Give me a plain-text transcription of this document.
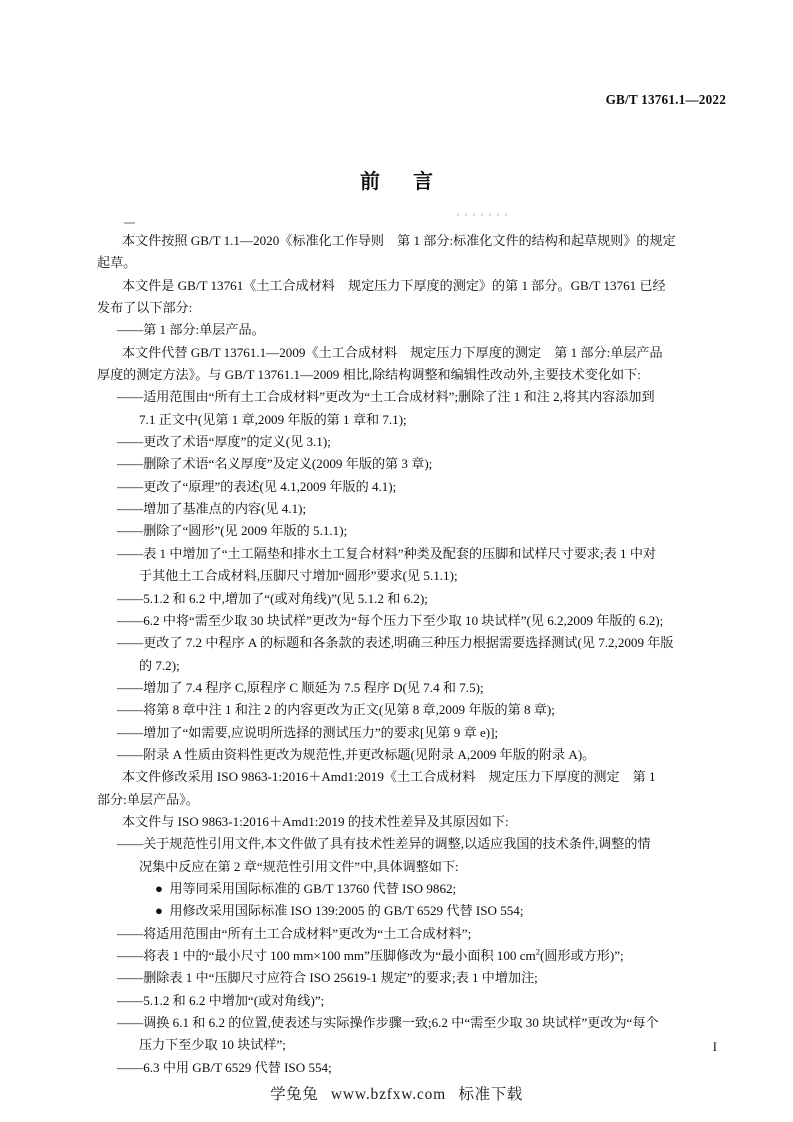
GB/T 13761.1—2022
前 言
本文件按照 GB/T 1.1—2020《标准化工作导则　第 1 部分:标准化文件的结构和起草规则》的规定
起草。
本文件是 GB/T 13761《土工合成材料　规定压力下厚度的测定》的第 1 部分。GB/T 13761 已经
发布了以下部分:
——第 1 部分:单层产品。
本文件代替 GB/T 13761.1—2009《土工合成材料　规定压力下厚度的测定　第 1 部分:单层产品
厚度的测定方法》。与 GB/T 13761.1—2009 相比,除结构调整和编辑性改动外,主要技术变化如下:
——适用范围由“所有土工合成材料”更改为“土工合成材料”;删除了注 1 和注 2,将其内容添加到
7.1 正文中(见第 1 章,2009 年版的第 1 章和 7.1);
——更改了术语“厚度”的定义(见 3.1);
——删除了术语“名义厚度”及定义(2009 年版的第 3 章);
——更改了“原理”的表述(见 4.1,2009 年版的 4.1);
——增加了基准点的内容(见 4.1);
——删除了“圆形”(见 2009 年版的 5.1.1);
——表 1 中增加了“土工隔垫和排水土工复合材料”种类及配套的压脚和试样尺寸要求;表 1 中对
于其他土工合成材料,压脚尺寸增加“圆形”要求(见 5.1.1);
——5.1.2 和 6.2 中,增加了“(或对角线)”(见 5.1.2 和 6.2);
——6.2 中将“需至少取 30 块试样”更改为“每个压力下至少取 10 块试样”(见 6.2,2009 年版的 6.2);
——更改了 7.2 中程序 A 的标题和各条款的表述,明确三种压力根据需要选择测试(见 7.2,2009 年版
的 7.2);
——增加了 7.4 程序 C,原程序 C 顺延为 7.5 程序 D(见 7.4 和 7.5);
——将第 8 章中注 1 和注 2 的内容更改为正文(见第 8 章,2009 年版的第 8 章);
——增加了“如需要,应说明所选择的测试压力”的要求[见第 9 章 e)];
——附录 A 性质由资料性更改为规范性,并更改标题(见附录 A,2009 年版的附录 A)。
本文件修改采用 ISO 9863-1:2016＋Amd1:2019《土工合成材料　规定压力下厚度的测定　第 1
部分:单层产品》。
本文件与 ISO 9863-1:2016＋Amd1:2019 的技术性差异及其原因如下:
——关于规范性引用文件,本文件做了具有技术性差异的调整,以适应我国的技术条件,调整的情
况集中反应在第 2 章“规范性引用文件”中,具体调整如下:
●  用等同采用国际标准的 GB/T 13760 代替 ISO 9862;
●  用修改采用国际标准 ISO 139:2005 的 GB/T 6529 代替 ISO 554;
——将适用范围由“所有土工合成材料”更改为“土工合成材料”;
——将表 1 中的“最小尺寸 100 mm×100 mm”压脚修改为“最小面积 100 $cm^2$(圆形或方形)”;
——删除表 1 中“压脚尺寸应符合 ISO 25619-1 规定”的要求;表 1 中增加注;
——5.1.2 和 6.2 中增加“(或对角线)”;
——调换 6.1 和 6.2 的位置,使表述与实际操作步骤一致;6.2 中“需至少取 30 块试样”更改为“每个
压力下至少取 10 块试样”;
——6.3 中用 GB/T 6529 代替 ISO 554;
I
学兔兔 www.bzfxw.com 标准下载
